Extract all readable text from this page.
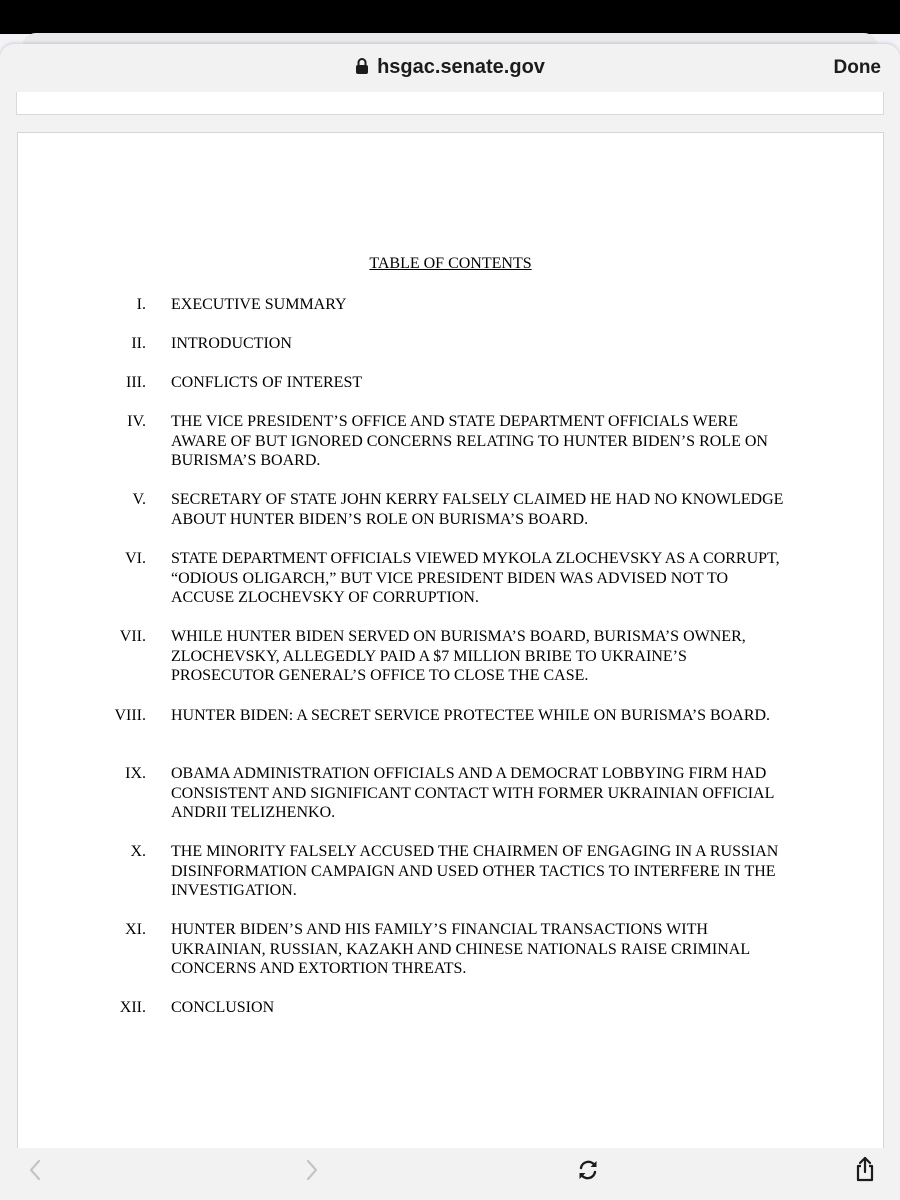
hsgac.senate.gov	Done
TABLE OF CONTENTS
I. EXECUTIVE SUMMARY
II. INTRODUCTION
III. CONFLICTS OF INTEREST
IV. THE VICE PRESIDENT’S OFFICE AND STATE DEPARTMENT OFFICIALS WERE AWARE OF BUT IGNORED CONCERNS RELATING TO HUNTER BIDEN’S ROLE ON BURISMA’S BOARD.
V. SECRETARY OF STATE JOHN KERRY FALSELY CLAIMED HE HAD NO KNOWLEDGE ABOUT HUNTER BIDEN’S ROLE ON BURISMA’S BOARD.
VI. STATE DEPARTMENT OFFICIALS VIEWED MYKOLA ZLOCHEVSKY AS A CORRUPT, “ODIOUS OLIGARCH,” BUT VICE PRESIDENT BIDEN WAS ADVISED NOT TO ACCUSE ZLOCHEVSKY OF CORRUPTION.
VII. WHILE HUNTER BIDEN SERVED ON BURISMA’S BOARD, BURISMA’S OWNER, ZLOCHEVSKY, ALLEGEDLY PAID A $7 MILLION BRIBE TO UKRAINE’S PROSECUTOR GENERAL’S OFFICE TO CLOSE THE CASE.
VIII. HUNTER BIDEN: A SECRET SERVICE PROTECTEE WHILE ON BURISMA’S BOARD.
IX. OBAMA ADMINISTRATION OFFICIALS AND A DEMOCRAT LOBBYING FIRM HAD CONSISTENT AND SIGNIFICANT CONTACT WITH FORMER UKRAINIAN OFFICIAL ANDRII TELIZHENKO.
X. THE MINORITY FALSELY ACCUSED THE CHAIRMEN OF ENGAGING IN A RUSSIAN DISINFORMATION CAMPAIGN AND USED OTHER TACTICS TO INTERFERE IN THE INVESTIGATION.
XI. HUNTER BIDEN’S AND HIS FAMILY’S FINANCIAL TRANSACTIONS WITH UKRAINIAN, RUSSIAN, KAZAKH AND CHINESE NATIONALS RAISE CRIMINAL CONCERNS AND EXTORTION THREATS.
XII. CONCLUSION
